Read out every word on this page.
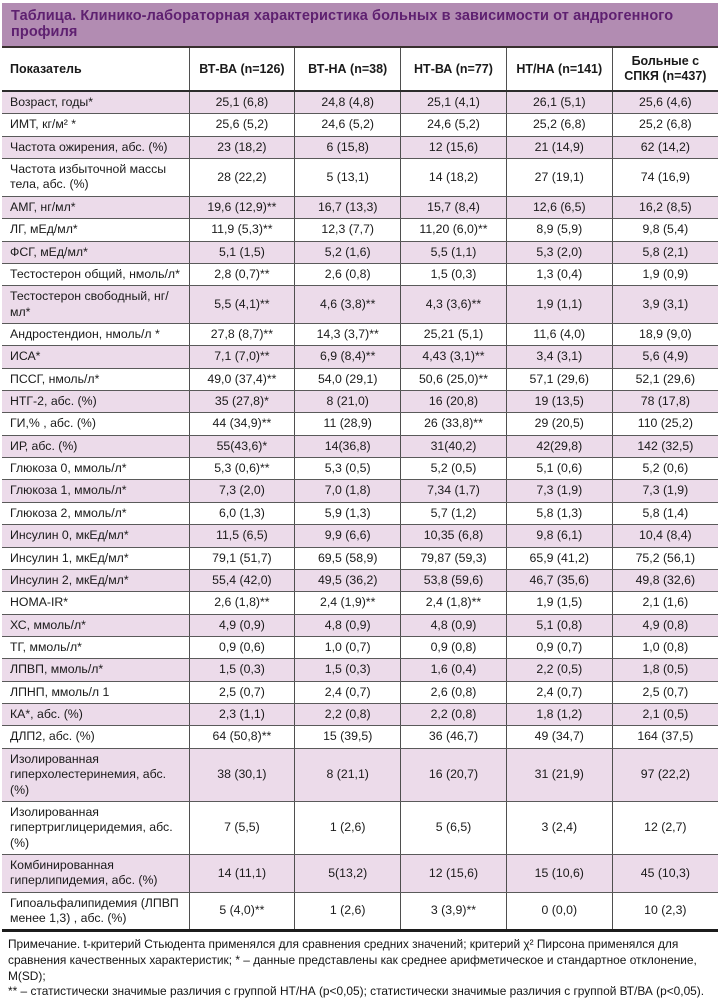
Таблица. Клинико-лабораторная характеристика больных в зависимости от андрогенного профиля
Показатель	ВТ-ВА (n=126)	ВТ-НА (n=38)	НТ-ВА (n=77)	НТ/НА (n=141)	Больные с СПКЯ (n=437)
Возраст, годы*	25,1 (6,8)	24,8 (4,8)	25,1 (4,1)	26,1 (5,1)	25,6 (4,6)
ИМТ, кг/м² *	25,6 (5,2)	24,6 (5,2)	24,6 (5,2)	25,2 (6,8)	25,2 (6,8)
Частота ожирения, абс. (%)	23 (18,2)	6 (15,8)	12 (15,6)	21 (14,9)	62 (14,2)
Частота избыточной массы тела, абс. (%)	28 (22,2)	5 (13,1)	14 (18,2)	27 (19,1)	74 (16,9)
АМГ, нг/мл*	19,6 (12,9)**	16,7 (13,3)	15,7 (8,4)	12,6 (6,5)	16,2 (8,5)
ЛГ, мЕд/мл*	11,9 (5,3)**	12,3 (7,7)	11,20 (6,0)**	8,9 (5,9)	9,8 (5,4)
ФСГ, мЕд/мл*	5,1 (1,5)	5,2 (1,6)	5,5 (1,1)	5,3 (2,0)	5,8 (2,1)
Тестостерон общий, нмоль/л*	2,8 (0,7)**	2,6 (0,8)	1,5 (0,3)	1,3 (0,4)	1,9 (0,9)
Тестостерон свободный, нг/мл*	5,5 (4,1)**	4,6 (3,8)**	4,3 (3,6)**	1,9 (1,1)	3,9 (3,1)
Андростендион, нмоль/л *	27,8 (8,7)**	14,3 (3,7)**	25,21 (5,1)	11,6 (4,0)	18,9 (9,0)
ИСА*	7,1 (7,0)**	6,9 (8,4)**	4,43 (3,1)**	3,4 (3,1)	5,6 (4,9)
ПССГ, нмоль/л*	49,0 (37,4)**	54,0 (29,1)	50,6 (25,0)**	57,1 (29,6)	52,1 (29,6)
НТГ-2, абс. (%)	35 (27,8)*	8 (21,0)	16 (20,8)	19 (13,5)	78 (17,8)
ГИ,% , абс. (%)	44 (34,9)**	11 (28,9)	26 (33,8)**	29 (20,5)	110 (25,2)
ИР, абс. (%)	55(43,6)*	14(36,8)	31(40,2)	42(29,8)	142 (32,5)
Глюкоза 0, ммоль/л*	5,3 (0,6)**	5,3 (0,5)	5,2 (0,5)	5,1 (0,6)	5,2 (0,6)
Глюкоза 1, ммоль/л*	7,3 (2,0)	7,0 (1,8)	7,34 (1,7)	7,3 (1,9)	7,3 (1,9)
Глюкоза 2, ммоль/л*	6,0 (1,3)	5,9 (1,3)	5,7 (1,2)	5,8 (1,3)	5,8 (1,4)
Инсулин 0, мкЕд/мл*	11,5 (6,5)	9,9 (6,6)	10,35 (6,8)	9,8 (6,1)	10,4 (8,4)
Инсулин 1, мкЕд/мл*	79,1 (51,7)	69,5 (58,9)	79,87 (59,3)	65,9 (41,2)	75,2 (56,1)
Инсулин 2, мкЕд/мл*	55,4 (42,0)	49,5 (36,2)	53,8 (59,6)	46,7 (35,6)	49,8 (32,6)
HOMA-IR*	2,6 (1,8)**	2,4 (1,9)**	2,4 (1,8)**	1,9 (1,5)	2,1 (1,6)
ХС, ммоль/л*	4,9 (0,9)	4,8 (0,9)	4,8 (0,9)	5,1 (0,8)	4,9 (0,8)
ТГ, ммоль/л*	0,9 (0,6)	1,0 (0,7)	0,9 (0,8)	0,9 (0,7)	1,0 (0,8)
ЛПВП, ммоль/л*	1,5 (0,3)	1,5 (0,3)	1,6 (0,4)	2,2 (0,5)	1,8 (0,5)
ЛПНП, ммоль/л 1	2,5 (0,7)	2,4 (0,7)	2,6 (0,8)	2,4 (0,7)	2,5 (0,7)
КА*, абс. (%)	2,3 (1,1)	2,2 (0,8)	2,2 (0,8)	1,8 (1,2)	2,1 (0,5)
ДЛП2, абс. (%)	64 (50,8)**	15 (39,5)	36 (46,7)	49 (34,7)	164 (37,5)
Изолированная гиперхолестеринемия, абс. (%)	38 (30,1)	8 (21,1)	16 (20,7)	31 (21,9)	97 (22,2)
Изолированная гипертриглицеридемия, абс. (%)	7 (5,5)	1 (2,6)	5 (6,5)	3 (2,4)	12 (2,7)
Комбинированная гиперлипидемия, абс. (%)	14 (11,1)	5(13,2)	12 (15,6)	15 (10,6)	45 (10,3)
Гипоальфалипидемия (ЛПВП менее 1,3) , абс. (%)	5 (4,0)**	1 (2,6)	3 (3,9)**	0 (0,0)	10 (2,3)

Примечание. t-критерий Стьюдента применялся для сравнения средних значений; критерий χ² Пирсона применялся для сравнения качественных характеристик; * – данные представлены как среднее арифметическое и стандартное отклонение, M(SD);

** – статистически значимые различия с группой НТ/НА (p<0,05); статистически значимые различия с группой ВТ/ВА (p<0,05).
